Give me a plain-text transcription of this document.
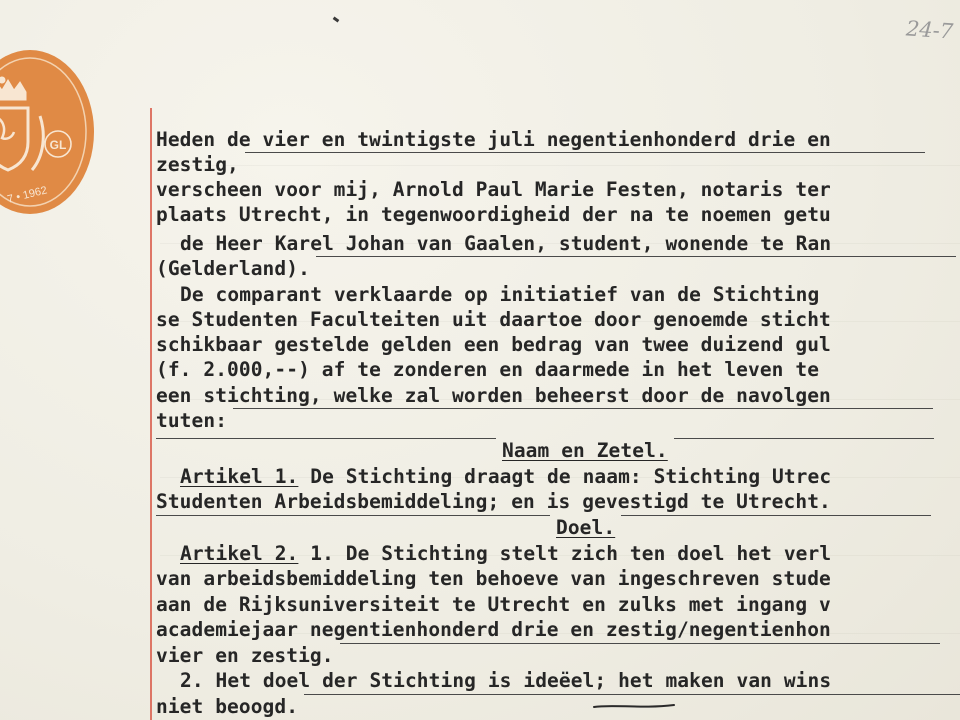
24-7
GL
7 • 1962
Heden de vier en twintigste juli negentienhonderd drie en
zestig,
verscheen voor mij, Arnold Paul Marie Festen, notaris ter
plaats Utrecht, in tegenwoordigheid der na te noemen getu
de Heer Karel Johan van Gaalen, student, wonende te Ran
(Gelderland).
De comparant verklaarde op initiatief van de Stichting
se Studenten Faculteiten uit daartoe door genoemde sticht
schikbaar gestelde gelden een bedrag van twee duizend gul
(f. 2.000,--) af te zonderen en daarmede in het leven te
een stichting, welke zal worden beheerst door de navolgen
tuten:
Naam en Zetel.
Artikel 1. De Stichting draagt de naam: Stichting Utrec
Studenten Arbeidsbemiddeling; en is gevestigd te Utrecht.
Doel.
Artikel 2. 1. De Stichting stelt zich ten doel het verl
van arbeidsbemiddeling ten behoeve van ingeschreven stude
aan de Rijksuniversiteit te Utrecht en zulks met ingang v
academiejaar negentienhonderd drie en zestig/negentienhon
vier en zestig.
2. Het doel der Stichting is ideëel; het maken van wins
niet beoogd.
